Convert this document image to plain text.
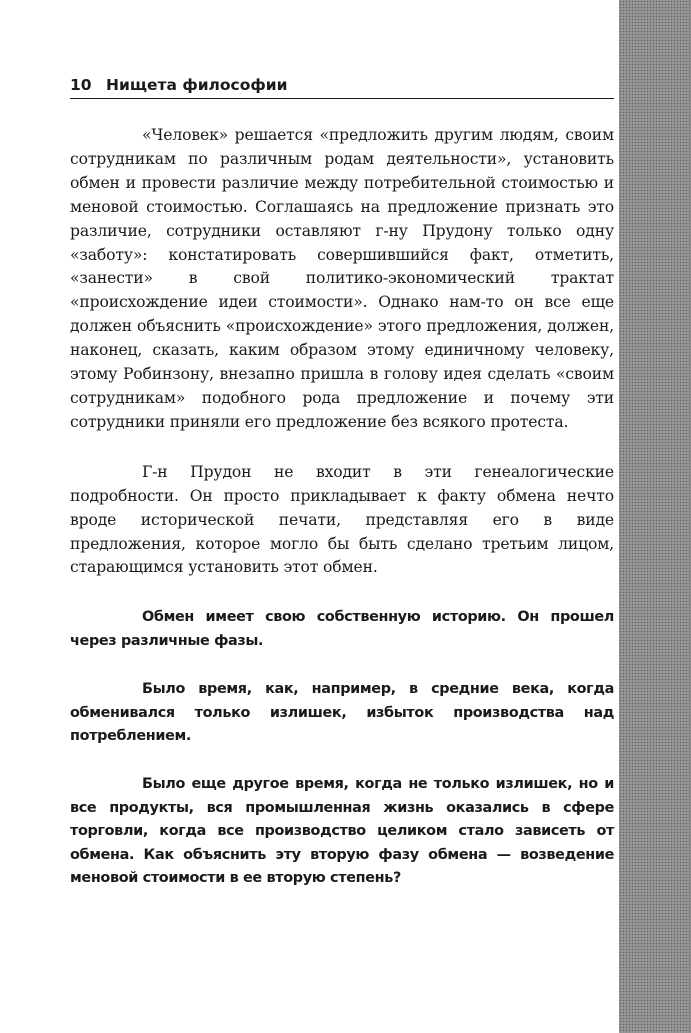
10 Нищета философии

«Человек» решается «предложить другим людям, своим сотрудникам по различным родам деятельности», установить обмен и провести различие между потребительной стоимостью и меновой стоимостью. Соглашаясь на предложение признать это различие, сотрудники оставляют г-ну Прудону только одну «заботу»: констатировать совершившийся факт, отметить, «занести» в свой политико-экономический трактат «происхождение идеи стоимости». Однако нам-то он все еще должен объяснить «происхождение» этого предложения, должен, наконец, сказать, каким образом этому единичному человеку, этому Робинзону, внезапно пришла в голову идея сделать «своим сотрудникам» подобного рода предложение и почему эти сотрудники приняли его предложение без всякого протеста.

Г-н Прудон не входит в эти генеалогические подробности. Он просто прикладывает к факту обмена нечто вроде исторической печати, представляя его в виде предложения, которое могло бы быть сделано третьим лицом, старающимся установить этот обмен.

Обмен имеет свою собственную историю. Он прошел через различные фазы.

Было время, как, например, в средние века, когда обменивался только излишек, избыток производства над потреблением.

Было еще другое время, когда не только излишек, но и все продукты, вся промышленная жизнь оказались в сфере торговли, когда все производство целиком стало зависеть от обмена. Как объяснить эту вторую фазу обмена — возведение меновой стоимости в ее вторую степень?
